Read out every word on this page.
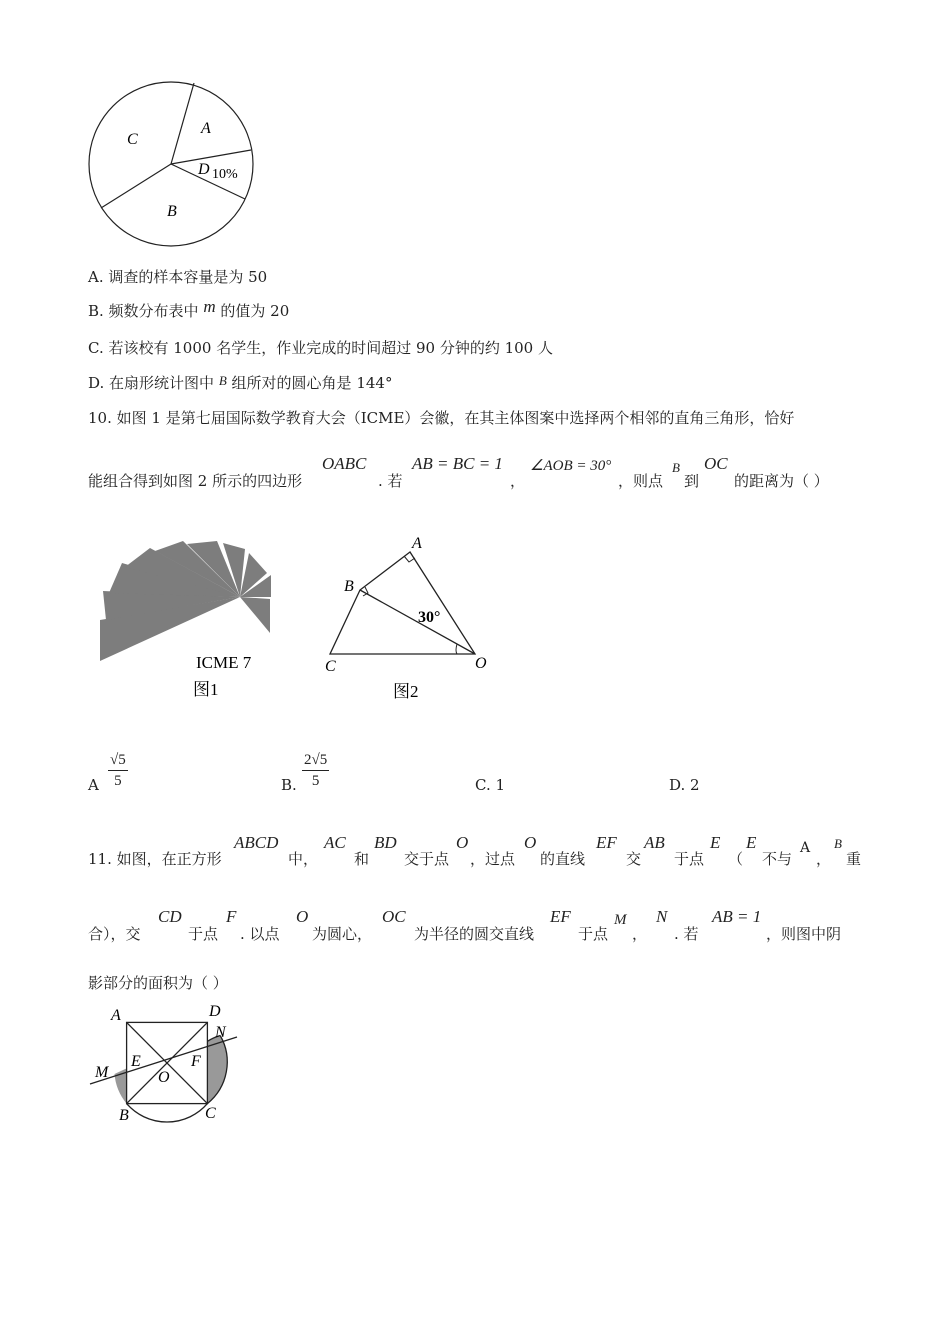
A
C
D 10%
B
A. 调查的样本容量是为 50
B. 频数分布表中 m 的值为 20
C. 若该校有 1000 名学生，作业完成的时间超过 90 分钟的约 100 人
D. 在扇形统计图中 B 组所对的圆心角是 144°
10. 如图 1 是第七届国际数学教育大会（ICME）会徽，在其主体图案中选择两个相邻的直角三角形，恰好
能组合得到如图 2 所示的四边形
OABC
. 若
AB = BC = 1
，
∠AOB = 30°
，则点
B
到
OC
的距离为（ ）
ICME 7
图1
A
B
C	O
30°
图2
A $\frac{√5}{5}$	B. $\frac{2√5}{5}$	C. 1	D. 2
11. 如图，在正方形
ABCD
中，
AC
和
BD
交于点
O
，过点
O
的直线
EF
交
AB
于点
E
（
E
不与
A
，
B
重
合），交
CD
于点
F
. 以点
O
为圆心，
OC
为半径的圆交直线
EF
于点
M
，
N
. 若
AB = 1
，则图中阴
影部分的面积为（ ）
A	D
N
E	F
M	O
B	C
